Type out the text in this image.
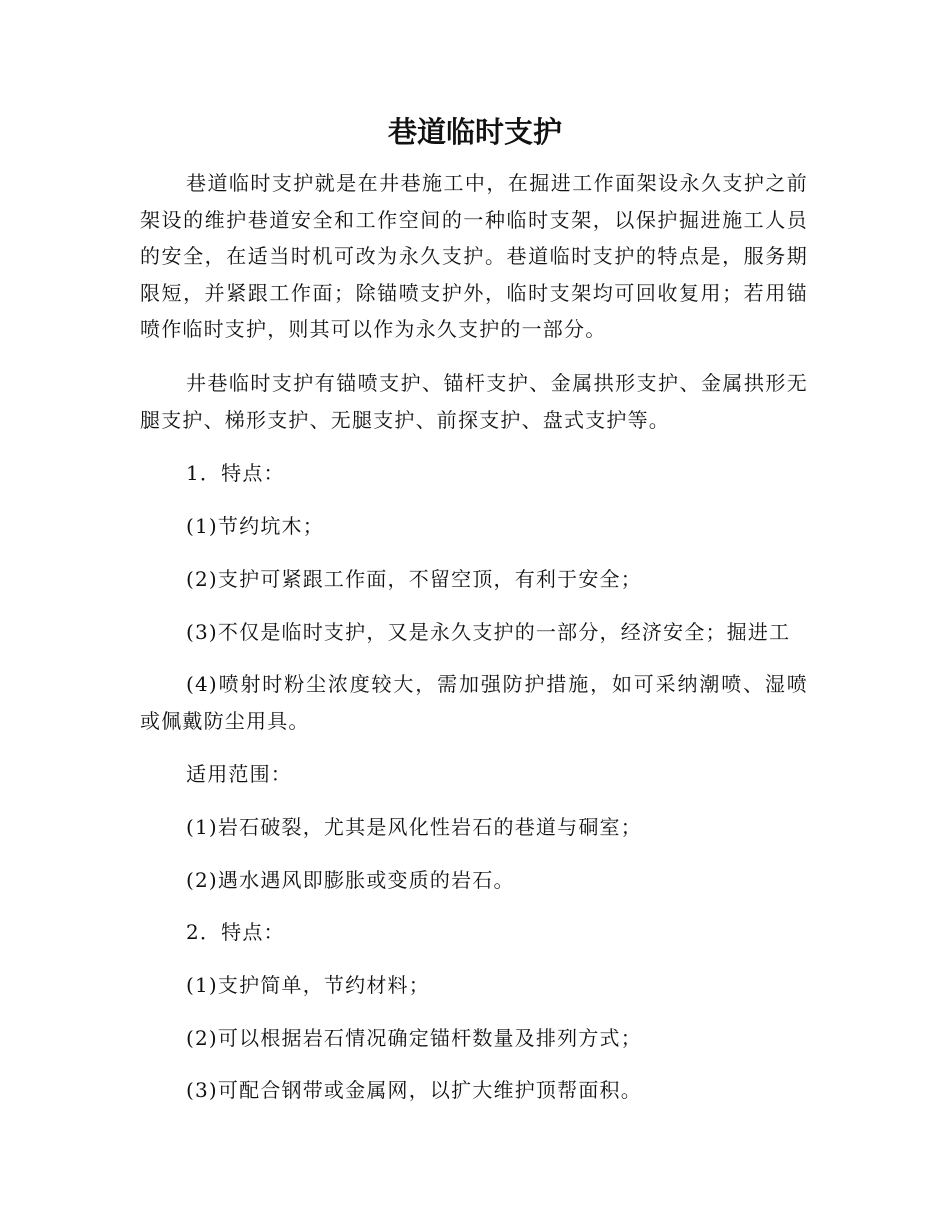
巷道临时支护

巷道临时支护就是在井巷施工中，在掘进工作面架设永久支护之前架设的维护巷道安全和工作空间的一种临时支架，以保护掘进施工人员的安全，在适当时机可改为永久支护。巷道临时支护的特点是，服务期限短，并紧跟工作面；除锚喷支护外，临时支架均可回收复用；若用锚喷作临时支护，则其可以作为永久支护的一部分。

井巷临时支护有锚喷支护、锚杆支护、金属拱形支护、金属拱形无腿支护、梯形支护、无腿支护、前探支护、盘式支护等。

1．特点：

(1)节约坑木；

(2)支护可紧跟工作面，不留空顶，有利于安全；

(3)不仅是临时支护，又是永久支护的一部分，经济安全；掘进工

(4)喷射时粉尘浓度较大，需加强防护措施，如可采纳潮喷、湿喷或佩戴防尘用具。

适用范围：

(1)岩石破裂，尤其是风化性岩石的巷道与硐室；

(2)遇水遇风即膨胀或变质的岩石。

2．特点：

(1)支护简单，节约材料；

(2)可以根据岩石情况确定锚杆数量及排列方式；

(3)可配合钢带或金属网，以扩大维护顶帮面积。
